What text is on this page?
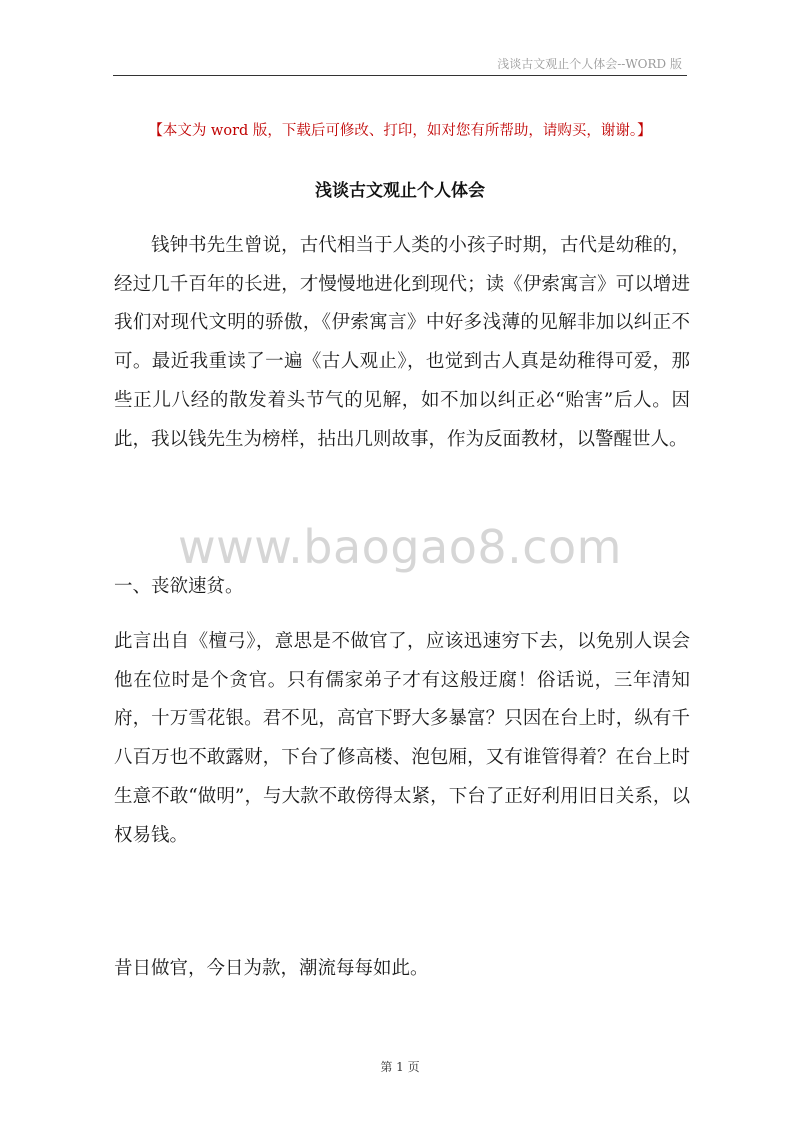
浅谈古文观止个人体会--WORD 版
【本文为 word 版，下载后可修改、打印，如对您有所帮助，请购买，谢谢。】
浅谈古文观止个人体会

钱钟书先生曾说，古代相当于人类的小孩子时期，古代是幼稚的，经过几千百年的长进，才慢慢地进化到现代；读《伊索寓言》可以增进我们对现代文明的骄傲，《伊索寓言》中好多浅薄的见解非加以纠正不可。最近我重读了一遍《古人观止》，也觉到古人真是幼稚得可爱，那些正儿八经的散发着头节气的见解，如不加以纠正必“贻害”后人。因此，我以钱先生为榜样，拈出几则故事，作为反面教材，以警醒世人。

www.baogao8.com

一、丧欲速贫。

此言出自《檀弓》，意思是不做官了，应该迅速穷下去，以免别人误会他在位时是个贪官。只有儒家弟子才有这般迂腐！俗话说，三年清知府，十万雪花银。君不见，高官下野大多暴富？只因在台上时，纵有千八百万也不敢露财，下台了修高楼、泡包厢，又有谁管得着？在台上时生意不敢“做明”，与大款不敢傍得太紧，下台了正好利用旧日关系，以权易钱。

昔日做官，今日为款，潮流每每如此。

第 1 页
